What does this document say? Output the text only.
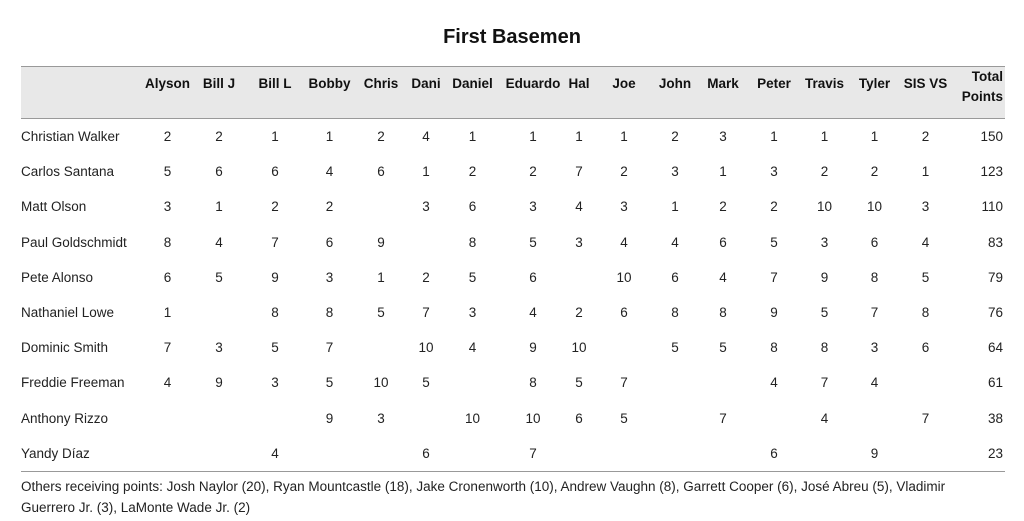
First Basemen
	Alyson	Bill J	Bill L	Bobby	Chris	Dani	Daniel	Eduardo	Hal	Joe	John	Mark	Peter	Travis	Tyler	SIS VS	Total
Points

Christian Walker	2	2	1	1	2	4	1	1	1	1	2	3	1	1	1	2	150
Carlos Santana	5	6	6	4	6	1	2	2	7	2	3	1	3	2	2	1	123
Matt Olson	3	1	2	2		3	6	3	4	3	1	2	2	10	10	3	110
Paul Goldschmidt	8	4	7	6	9		8	5	3	4	4	6	5	3	6	4	83
Pete Alonso	6	5	9	3	1	2	5	6		10	6	4	7	9	8	5	79
Nathaniel Lowe	1		8	8	5	7	3	4	2	6	8	8	9	5	7	8	76
Dominic Smith	7	3	5	7		10	4	9	10		5	5	8	8	3	6	64
Freddie Freeman	4	9	3	5	10	5		8	5	7			4	7	4		61
Anthony Rizzo				9	3		10	10	6	5		7		4		7	38
Yandy Díaz			4			6		7					6		9		23
Others receiving points: Josh Naylor (20), Ryan Mountcastle (18), Jake Cronenworth (10), Andrew Vaughn (8), Garrett Cooper (6), José Abreu (5), Vladimir Guerrero Jr. (3), LaMonte Wade Jr. (2)
